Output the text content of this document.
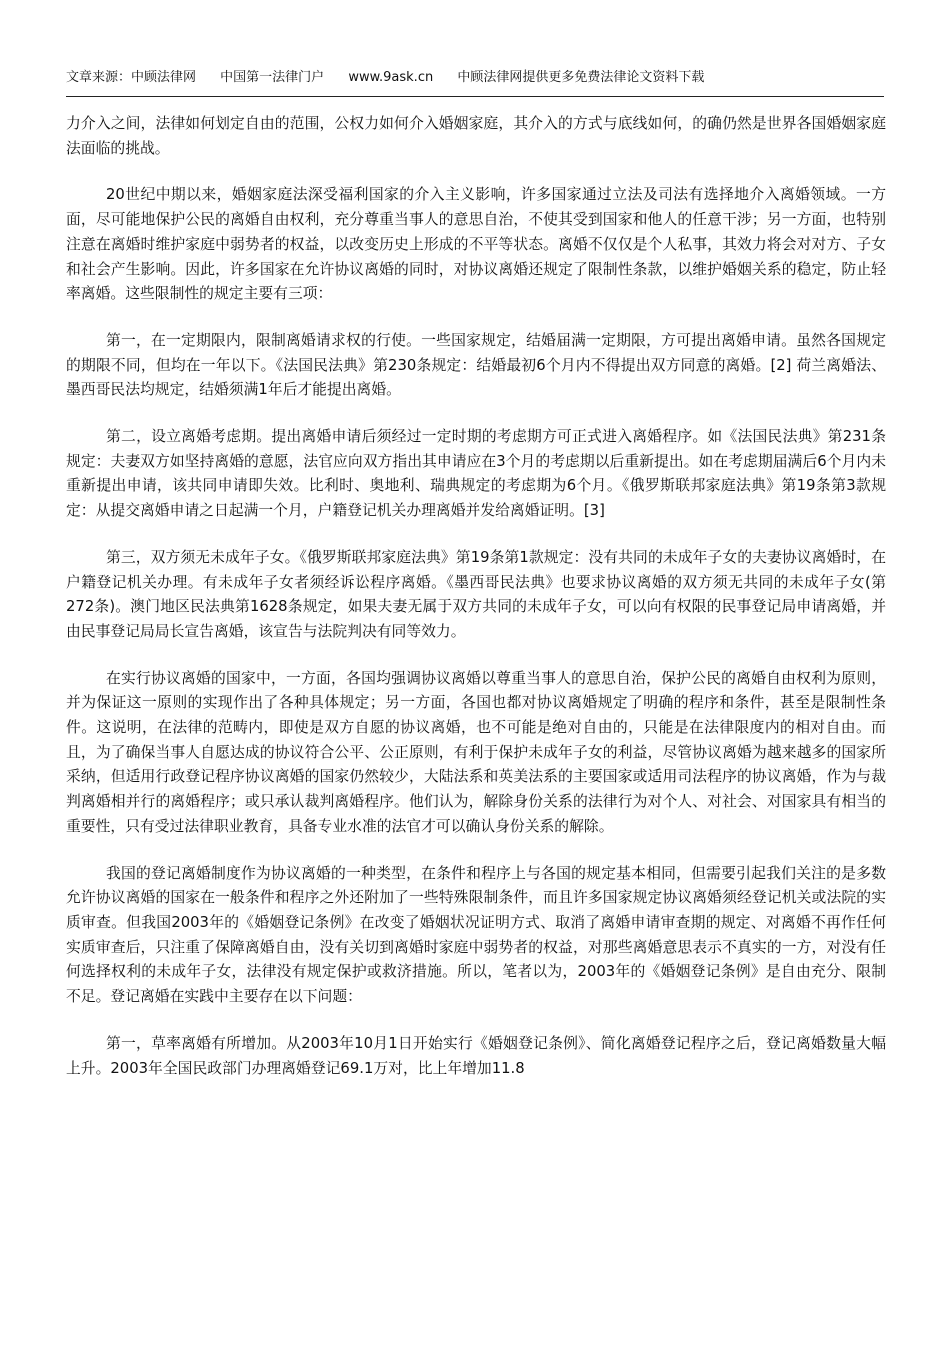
文章来源：中顾法律网 中国第一法律门户 www.9ask.cn 中顾法律网提供更多免费法律论文资料下载

力介入之间，法律如何划定自由的范围，公权力如何介入婚姻家庭，其介入的方式与底线如何，的确仍然是世界各国婚姻家庭法面临的挑战。

20世纪中期以来，婚姻家庭法深受福利国家的介入主义影响，许多国家通过立法及司法有选择地介入离婚领域。一方面，尽可能地保护公民的离婚自由权利，充分尊重当事人的意思自治，不使其受到国家和他人的任意干涉；另一方面，也特别注意在离婚时维护家庭中弱势者的权益，以改变历史上形成的不平等状态。离婚不仅仅是个人私事，其效力将会对对方、子女和社会产生影响。因此，许多国家在允许协议离婚的同时，对协议离婚还规定了限制性条款，以维护婚姻关系的稳定，防止轻率离婚。这些限制性的规定主要有三项：

第一，在一定期限内，限制离婚请求权的行使。一些国家规定，结婚届满一定期限，方可提出离婚申请。虽然各国规定的期限不同，但均在一年以下。《法国民法典》第230条规定：结婚最初6个月内不得提出双方同意的离婚。[2] 荷兰离婚法、墨西哥民法均规定，结婚须满1年后才能提出离婚。

第二，设立离婚考虑期。提出离婚申请后须经过一定时期的考虑期方可正式进入离婚程序。如《法国民法典》第231条规定：夫妻双方如坚持离婚的意愿，法官应向双方指出其申请应在3个月的考虑期以后重新提出。如在考虑期届满后6个月内未重新提出申请，该共同申请即失效。比利时、奥地利、瑞典规定的考虑期为6个月。《俄罗斯联邦家庭法典》第19条第3款规定：从提交离婚申请之日起满一个月，户籍登记机关办理离婚并发给离婚证明。[3]

第三，双方须无未成年子女。《俄罗斯联邦家庭法典》第19条第1款规定：没有共同的未成年子女的夫妻协议离婚时，在户籍登记机关办理。有未成年子女者须经诉讼程序离婚。《墨西哥民法典》也要求协议离婚的双方须无共同的未成年子女(第272条)。澳门地区民法典第1628条规定，如果夫妻无属于双方共同的未成年子女，可以向有权限的民事登记局申请离婚，并由民事登记局局长宣告离婚，该宣告与法院判决有同等效力。

在实行协议离婚的国家中，一方面，各国均强调协议离婚以尊重当事人的意思自治，保护公民的离婚自由权利为原则，并为保证这一原则的实现作出了各种具体规定；另一方面，各国也都对协议离婚规定了明确的程序和条件，甚至是限制性条件。这说明，在法律的范畴内，即使是双方自愿的协议离婚，也不可能是绝对自由的，只能是在法律限度内的相对自由。而且，为了确保当事人自愿达成的协议符合公平、公正原则，有利于保护未成年子女的利益，尽管协议离婚为越来越多的国家所采纳，但适用行政登记程序协议离婚的国家仍然较少，大陆法系和英美法系的主要国家或适用司法程序的协议离婚，作为与裁判离婚相并行的离婚程序；或只承认裁判离婚程序。他们认为，解除身份关系的法律行为对个人、对社会、对国家具有相当的重要性，只有受过法律职业教育，具备专业水准的法官才可以确认身份关系的解除。

我国的登记离婚制度作为协议离婚的一种类型，在条件和程序上与各国的规定基本相同，但需要引起我们关注的是多数允许协议离婚的国家在一般条件和程序之外还附加了一些特殊限制条件，而且许多国家规定协议离婚须经登记机关或法院的实质审查。但我国2003年的《婚姻登记条例》在改变了婚姻状况证明方式、取消了离婚申请审查期的规定、对离婚不再作任何实质审查后，只注重了保障离婚自由，没有关切到离婚时家庭中弱势者的权益，对那些离婚意思表示不真实的一方，对没有任何选择权利的未成年子女，法律没有规定保护或救济措施。所以，笔者以为，2003年的《婚姻登记条例》是自由充分、限制不足。登记离婚在实践中主要存在以下问题：

第一，草率离婚有所增加。从2003年10月1日开始实行《婚姻登记条例》、简化离婚登记程序之后，登记离婚数量大幅上升。2003年全国民政部门办理离婚登记69.1万对，比上年增加11.8
